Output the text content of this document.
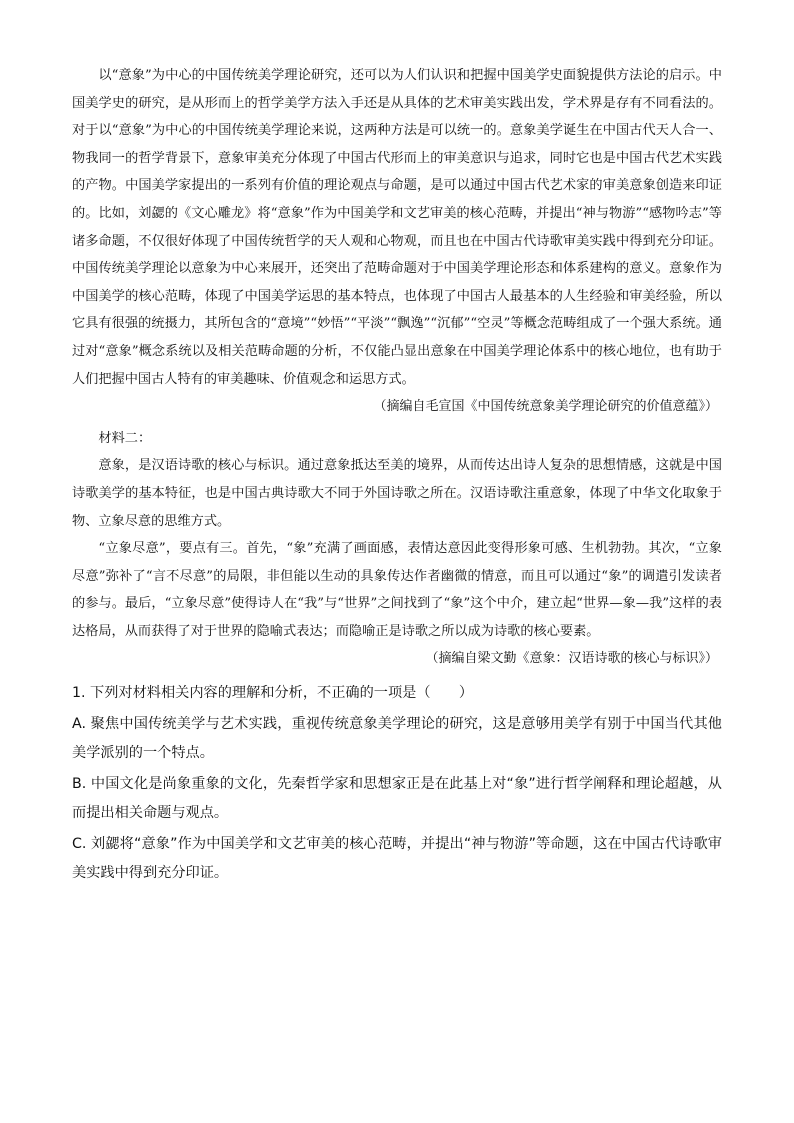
以“意象”为中心的中国传统美学理论研究，还可以为人们认识和把握中国美学史面貌提供方法论的启示。中国美学史的研究，是从形而上的哲学美学方法入手还是从具体的艺术审美实践出发，学术界是存有不同看法的。对于以“意象”为中心的中国传统美学理论来说，这两种方法是可以统一的。意象美学诞生在中国古代天人合一、物我同一的哲学背景下，意象审美充分体现了中国古代形而上的审美意识与追求，同时它也是中国古代艺术实践的产物。中国美学家提出的一系列有价值的理论观点与命题，是可以通过中国古代艺术家的审美意象创造来印证的。比如，刘勰的《文心雕龙》将“意象”作为中国美学和文艺审美的核心范畴，并提出“神与物游”“感物吟志”等诸多命题，不仅很好体现了中国传统哲学的天人观和心物观，而且也在中国古代诗歌审美实践中得到充分印证。中国传统美学理论以意象为中心来展开，还突出了范畴命题对于中国美学理论形态和体系建构的意义。意象作为中国美学的核心范畴，体现了中国美学运思的基本特点，也体现了中国古人最基本的人生经验和审美经验，所以它具有很强的统摄力，其所包含的“意境”“妙悟”“平淡”“飘逸”“沉郁”“空灵”等概念范畴组成了一个强大系统。通过对“意象”概念系统以及相关范畴命题的分析，不仅能凸显出意象在中国美学理论体系中的核心地位，也有助于人们把握中国古人特有的审美趣味、价值观念和运思方式。

（摘编自毛宣国《中国传统意象美学理论研究的价值意蕴》）

材料二：

意象，是汉语诗歌的核心与标识。通过意象抵达至美的境界，从而传达出诗人复杂的思想情感，这就是中国诗歌美学的基本特征，也是中国古典诗歌大不同于外国诗歌之所在。汉语诗歌注重意象，体现了中华文化取象于物、立象尽意的思维方式。

“立象尽意”，要点有三。首先，“象”充满了画面感，表情达意因此变得形象可感、生机勃勃。其次，“立象尽意”弥补了“言不尽意”的局限，非但能以生动的具象传达作者幽微的情意，而且可以通过“象”的调遣引发读者的参与。最后，“立象尽意”使得诗人在“我”与“世界”之间找到了“象”这个中介，建立起“世界—象—我”这样的表达格局，从而获得了对于世界的隐喻式表达；而隐喻正是诗歌之所以成为诗歌的核心要素。

（摘编自梁文勤《意象：汉语诗歌的核心与标识》）

1. 下列对材料相关内容的理解和分析，不正确的一项是（　　）

A. 聚焦中国传统美学与艺术实践，重视传统意象美学理论的研究，这是意够用美学有别于中国当代其他美学派别的一个特点。

B. 中国文化是尚象重象的文化，先秦哲学家和思想家正是在此基上对“象”进行哲学阐释和理论超越，从而提出相关命题与观点。

C. 刘勰将“意象”作为中国美学和文艺审美的核心范畴，并提出“神与物游”等命题，这在中国古代诗歌审美实践中得到充分印证。
